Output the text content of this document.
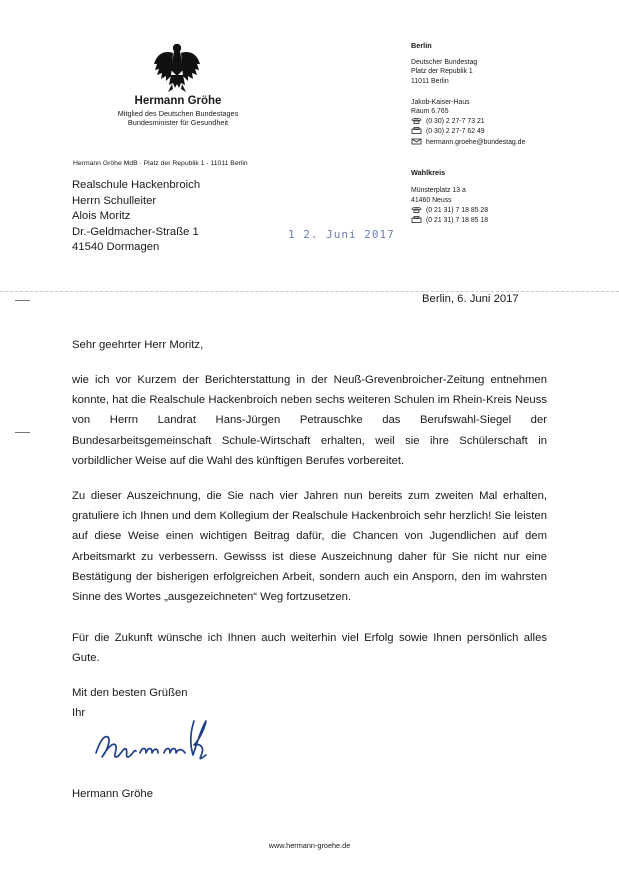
Hermann Gröhe
Mitglied des Deutschen Bundestages
Bundesminister für Gesundheit
Hermann Gröhe MdB · Platz der Republik 1 · 11011 Berlin
Berlin
Deutscher Bundestag
Platz der Republik 1
11011 Berlin
Jakob-Kaiser-Haus
Raum 6.765
(0 30) 2 27-7 73 21
(0 30) 2 27-7 62 49
hermann.groehe@bundestag.de
Wahlkreis
Münsterplatz 13 a
41460 Neuss
(0 21 31) 7 18 85 28
(0 21 31) 7 18 85 18
Realschule Hackenbroich
Herrn Schulleiter
Alois Moritz
Dr.-Geldmacher-Straße 1
41540 Dormagen
1 2. Juni 2017
Berlin, 6. Juni 2017
Sehr geehrter Herr Moritz,
wie ich vor Kurzem der Berichterstattung in der Neuß-Grevenbroicher-Zeitung entnehmen konnte, hat die Realschule Hackenbroich neben sechs weiteren Schulen im Rhein-Kreis Neuss von Herrn Landrat Hans-Jürgen Petrauschke das Berufswahl-Siegel der Bundesarbeitsgemeinschaft Schule-Wirtschaft erhalten, weil sie ihre Schülerschaft in vorbildlicher Weise auf die Wahl des künftigen Berufes vorbereitet.
Zu dieser Auszeichnung, die Sie nach vier Jahren nun bereits zum zweiten Mal erhalten, gratuliere ich Ihnen und dem Kollegium der Realschule Hackenbroich sehr herzlich! Sie leisten auf diese Weise einen wichtigen Beitrag dafür, die Chancen von Jugendlichen auf dem Arbeitsmarkt zu verbessern. Gewisss ist diese Auszeichnung daher für Sie nicht nur eine Bestätigung der bisherigen erfolgreichen Arbeit, sondern auch ein Ansporn, den im wahrsten Sinne des Wortes „ausgezeichneten“ Weg fortzusetzen.
Für die Zukunft wünsche ich Ihnen auch weiterhin viel Erfolg sowie Ihnen persönlich alles Gute.
Mit den besten Grüßen
Ihr
Hermann Gröhe
www.hermann-groehe.de
